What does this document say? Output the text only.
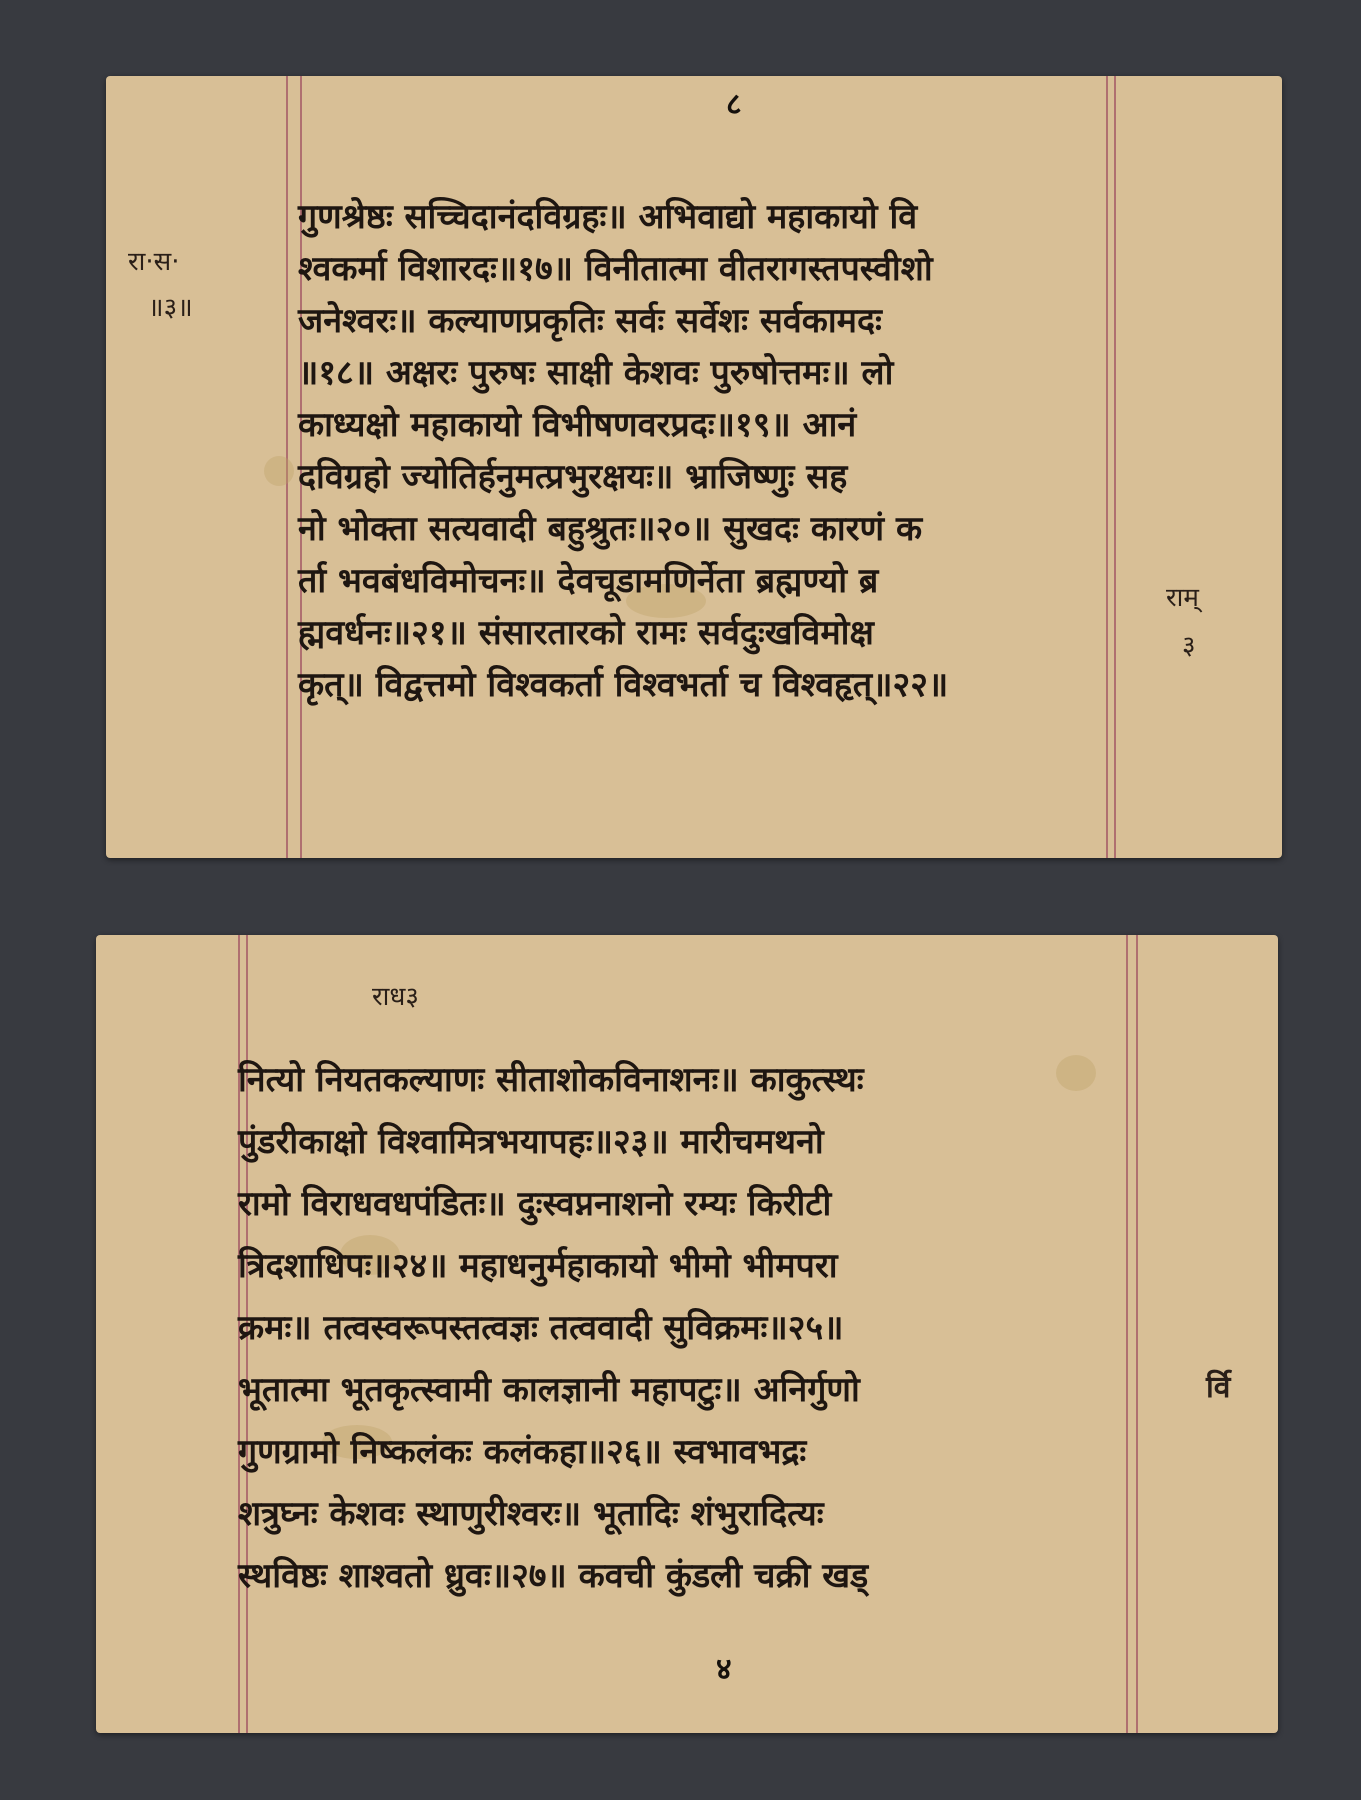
८
रा·स·
॥३॥
राम्
३
गुणश्रेष्ठः सच्चिदानंदविग्रहः॥ अभिवाद्यो महाकायो वि
श्वकर्मा विशारदः॥१७॥ विनीतात्मा वीतरागस्तपस्वीशो
जनेश्वरः॥ कल्याणप्रकृतिः सर्वः सर्वेशः सर्वकामदः
॥१८॥ अक्षरः पुरुषः साक्षी केशवः पुरुषोत्तमः॥ लो
काध्यक्षो महाकायो विभीषणवरप्रदः॥१९॥ आनं
दविग्रहो ज्योतिर्हनुमत्प्रभुरक्षयः॥ भ्राजिष्णुः सह
नो भोक्ता सत्यवादी बहुश्रुतः॥२०॥ सुखदः कारणं क
र्ता भवबंधविमोचनः॥ देवचूडामणिर्नेता ब्रह्मण्यो ब्र
ह्मवर्धनः॥२१॥ संसारतारको रामः सर्वदुःखविमोक्ष
कृत्॥ विद्वत्तमो विश्वकर्ता विश्वभर्ता च विश्वहृत्॥२२॥
राध३
र्वि
४
नित्यो नियतकल्याणः सीताशोकविनाशनः॥ काकुत्स्थः
पुंडरीकाक्षो विश्वामित्रभयापहः॥२३॥ मारीचमथनो
रामो विराधवधपंडितः॥ दुःस्वप्ननाशनो रम्यः किरीटी
त्रिदशाधिपः॥२४॥ महाधनुर्महाकायो भीमो भीमपरा
क्रमः॥ तत्वस्वरूपस्तत्वज्ञः तत्ववादी सुविक्रमः॥२५॥
भूतात्मा भूतकृत्स्वामी कालज्ञानी महापटुः॥ अनिर्गुणो
गुणग्रामो निष्कलंकः कलंकहा॥२६॥ स्वभावभद्रः
शत्रुघ्नः केशवः स्थाणुरीश्वरः॥ भूतादिः शंभुरादित्यः
स्थविष्ठः शाश्वतो ध्रुवः॥२७॥ कवची कुंडली चक्री खड्
